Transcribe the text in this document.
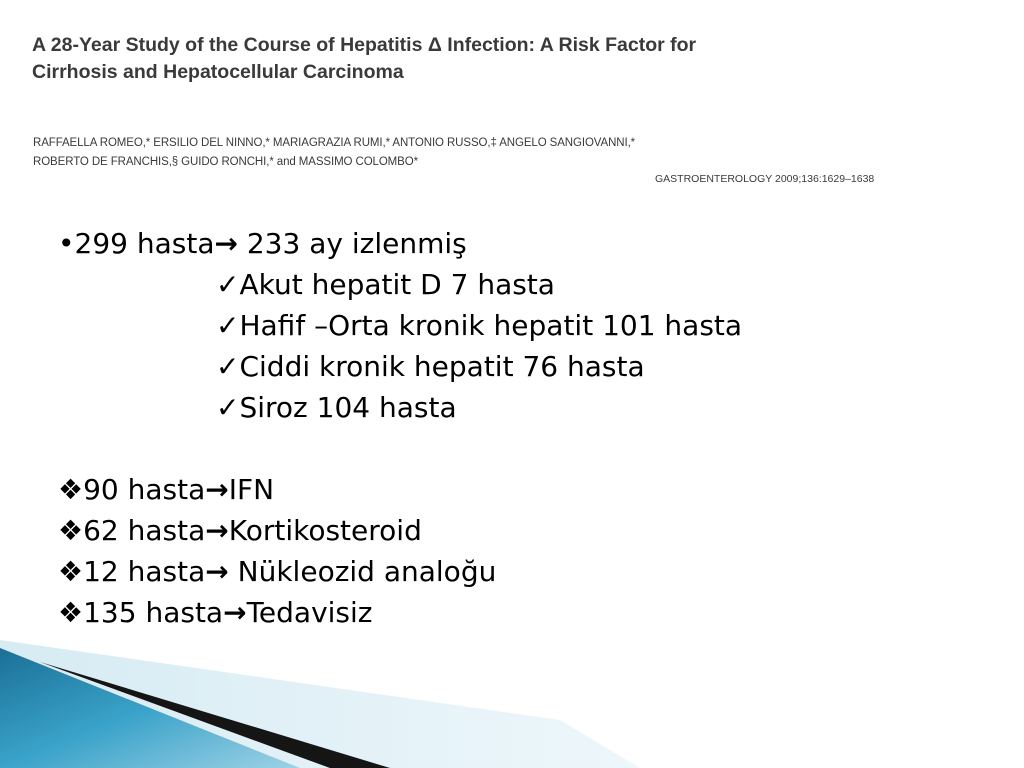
A 28-Year Study of the Course of Hepatitis Δ Infection: A Risk Factor for
Cirrhosis and Hepatocellular Carcinoma
RAFFAELLA ROMEO,* ERSILIO DEL NINNO,* MARIAGRAZIA RUMI,* ANTONIO RUSSO,‡ ANGELO SANGIOVANNI,*
ROBERTO DE FRANCHIS,§ GUIDO RONCHI,* and MASSIMO COLOMBO*
GASTROENTEROLOGY 2009;136:1629–1638
•299 hasta→ 233 ay izlenmiş
✓Akut hepatit D 7 hasta
✓Hafif –Orta kronik hepatit 101 hasta
✓Ciddi kronik hepatit 76 hasta
✓Siroz 104 hasta
❖90 hasta→IFN
❖62 hasta→Kortikosteroid
❖12 hasta→ Nükleozid analoğu
❖135 hasta→Tedavisiz
